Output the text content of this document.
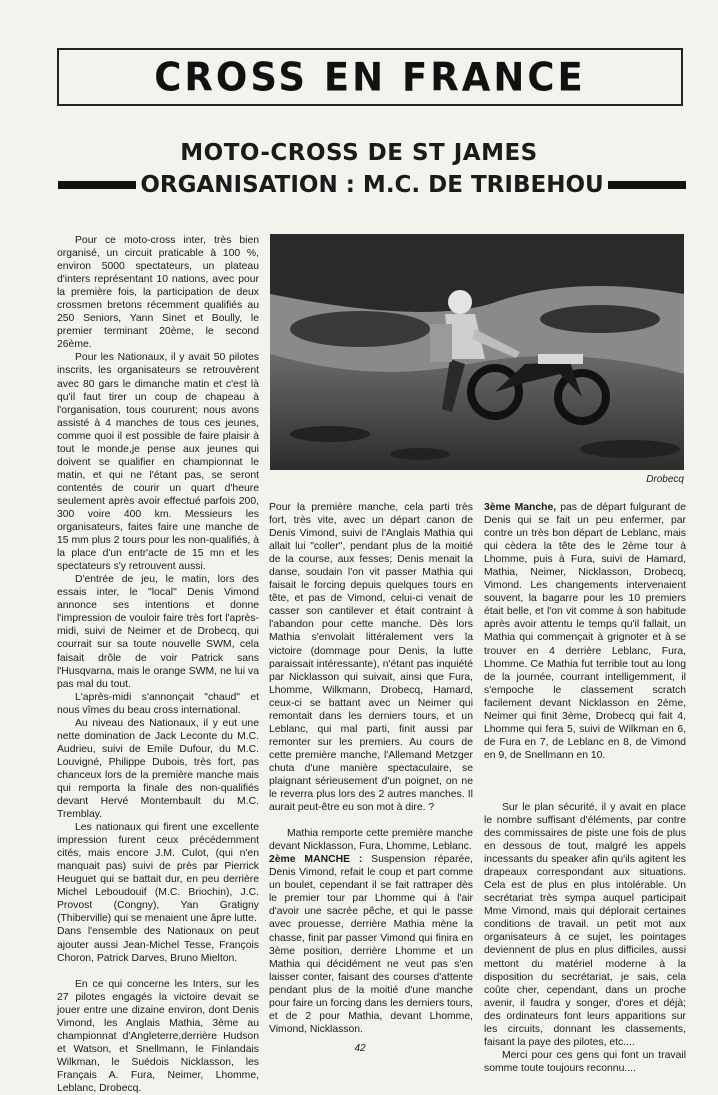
CROSS EN FRANCE
MOTO-CROSS DE ST JAMES
ORGANISATION : M.C. DE TRIBEHOU

Pour ce moto-cross inter, très bien organisé, un circuit praticable à 100 %, environ 5000 spectateurs, un plateau d'inters représentant 10 nations, avec pour la première fois, la participation de deux crossmen bretons récemment qualifiés au 250 Seniors, Yann Sinet et Boully, le premier terminant 20ème, le second 26ème.

Pour les Nationaux, il y avait 50 pilotes inscrits, les organisateurs se retrouvèrent avec 80 gars le dimanche matin et c'est là qu'il faut tirer un coup de chapeau à l'organisation, tous coururent; nous avons assisté à 4 manches de tous ces jeunes, comme quoi il est possible de faire plaisir à tout le monde,je pense aux jeunes qui doivent se qualifier en championnat le matin, et qui ne l'étant pas, se seront contentés de courir un quart d'heure seulement après avoir effectué parfois 200, 300 voire 400 km. Messieurs les organisateurs, faites faire une manche de 15 mm plus 2 tours pour les non-qualifiés, à la place d'un entr'acte de 15 mn et les spectateurs s'y retrouvent aussi.

D'entrée de jeu, le matin, lors des essais inter, le "local" Denis Vimond annonce ses intentions et donne l'impression de vouloir faire très fort l'après-midi, suivi de Neimer et de Drobecq, qui courrait sur sa toute nouvelle SWM, cela faisait drôle de voir Patrick sans l'Husqvarna, mais le orange SWM, ne lui va pas mal du tout.

L'après-midi s'annonçait "chaud" et nous vîmes du beau cross international.

Au niveau des Nationaux, il y eut une nette domination de Jack Leconte du M.C. Audrieu, suivi de Emile Dufour, du M.C. Louvigné, Philippe Dubois, très fort, pas chanceux lors de la première manche mais qui remporta la finale des non-qualifiés devant Hervé Montembault du M.C. Tremblay.

Les nationaux qui firent une excellente impression furent ceux précédemment cités, mais encore J.M. Culot, (qui n'en manquait pas) suivi de près par Pierrick Heuguet qui se battait dur, en peu derrière Michel Leboudouif (M.C. Briochin), J.C. Provost (Congny), Yan Gratigny (Thiberville) qui se menaient une âpre lutte.

Dans l'ensemble des Nationaux on peut ajouter aussi Jean-Michel Tesse, François Choron, Patrick Darves, Bruno Mielton.

En ce qui concerne les Inters, sur les 27 pilotes engagés la victoire devait se jouer entre une dizaine environ, dont Denis Vimond, les Anglais Mathia, 3ème au championnat d'Angleterre,derrière Hudson et Watson, et Snellmann, le Finlandais Wilkman, le Suédois Nicklasson, les Français A. Fura, Neimer, Lhomme, Leblanc, Drobecq.

Drobecq

Pour la première manche, cela parti très fort, très vite, avec un départ canon de Denis Vimond, suivi de l'Anglais Mathia qui allait lui "coller", pendant plus de la moitié de la course, aux fesses; Denis menait la danse, soudain l'on vit passer Mathia qui faisait le forcing depuis quelques tours en tête, et pas de Vimond, celui-ci venait de casser son cantilever et était contraint à l'abandon pour cette manche. Dès lors Mathia s'envolait littéralement vers la victoire (dommage pour Denis, la lutte paraissait intéressante), n'étant pas inquiété par Nicklasson qui suivait, ainsi que Fura, Lhomme, Wilkmann, Drobecq, Hamard, ceux-ci se battant avec un Neimer qui remontait dans les derniers tours, et un Leblanc, qui mal parti, finit aussi par remonter sur les premiers. Au cours de cette première manche, l'Allemand Metzger chuta d'une manière spectaculaire, se plaignant sérieusement d'un poignet, on ne le reverra plus lors des 2 autres manches. Il aurait peut-être eu son mot à dire. ?

Mathia remporte cette première manche devant Nicklasson, Fura, Lhomme, Leblanc.

2ème MANCHE : Suspension réparée, Denis Vimond, refait le coup et part comme un boulet, cependant il se fait rattraper dès le premier tour par Lhomme qui à l'air d'avoir une sacrée pêche, et qui le passe avec prouesse, derrière Mathia mène la chasse, finit par passer Vimond qui finira en 3ème position, derrière Lhomme et un Mathia qui décidément ne veut pas s'en laisser conter, faisant des courses d'attente pendant plus de la moitié d'une manche pour faire un forcing dans les derniers tours, et de 2 pour Mathia, devant Lhomme, Vimond, Nicklasson.

3ème Manche, pas de départ fulgurant de Denis qui se fait un peu enfermer, par contre un très bon départ de Leblanc, mais qui cèdera la tête des le 2ème tour à Lhomme, puis à Fura, suivi de Hamard, Mathia, Neimer, Nicklasson, Drobecq, Vimond. Les changements intervenaient souvent, la bagarre pour les 10 premiers était belle, et l'on vit comme à son habitude après avoir attentu le temps qu'il fallait, un Mathia qui commençait à grignoter et à se trouver en 4 derrière Leblanc, Fura, Lhomme. Ce Mathia fut terrible tout au long de la journée, courrant intelligemment, il s'empoche le classement scratch facilement devant Nicklasson en 2ème, Neimer qui finit 3ème, Drobecq qui fait 4, Lhomme qui fera 5, suivi de Wilkman en 6, de Fura en 7, de Leblanc en 8, de Vimond en 9, de Snellmann en 10.

Sur le plan sécurité, il y avait en place le nombre suffisant d'éléments, par contre des commissaires de piste une fois de plus en dessous de tout, malgré les appels incessants du speaker afin qu'ils agitent les drapeaux correspondant aux situations. Cela est de plus en plus intolérable. Un secrétariat très sympa auquel participait Mme Vimond, mais qui déplorait certaines conditions de travail. un petit mot aux organisateurs à ce sujet, les pointages deviennent de plus en plus difficiles, aussi mettont du matériel moderne à la disposition du secrétariat, je sais, cela coûte cher, cependant, dans un proche avenir, il faudra y songer, d'ores et déjà; des ordinateurs font leurs apparitions sur les circuits, donnant les classements, faisant la paye des pilotes, etc....

Merci pour ces gens qui font un travail somme toute toujours reconnu....

42
